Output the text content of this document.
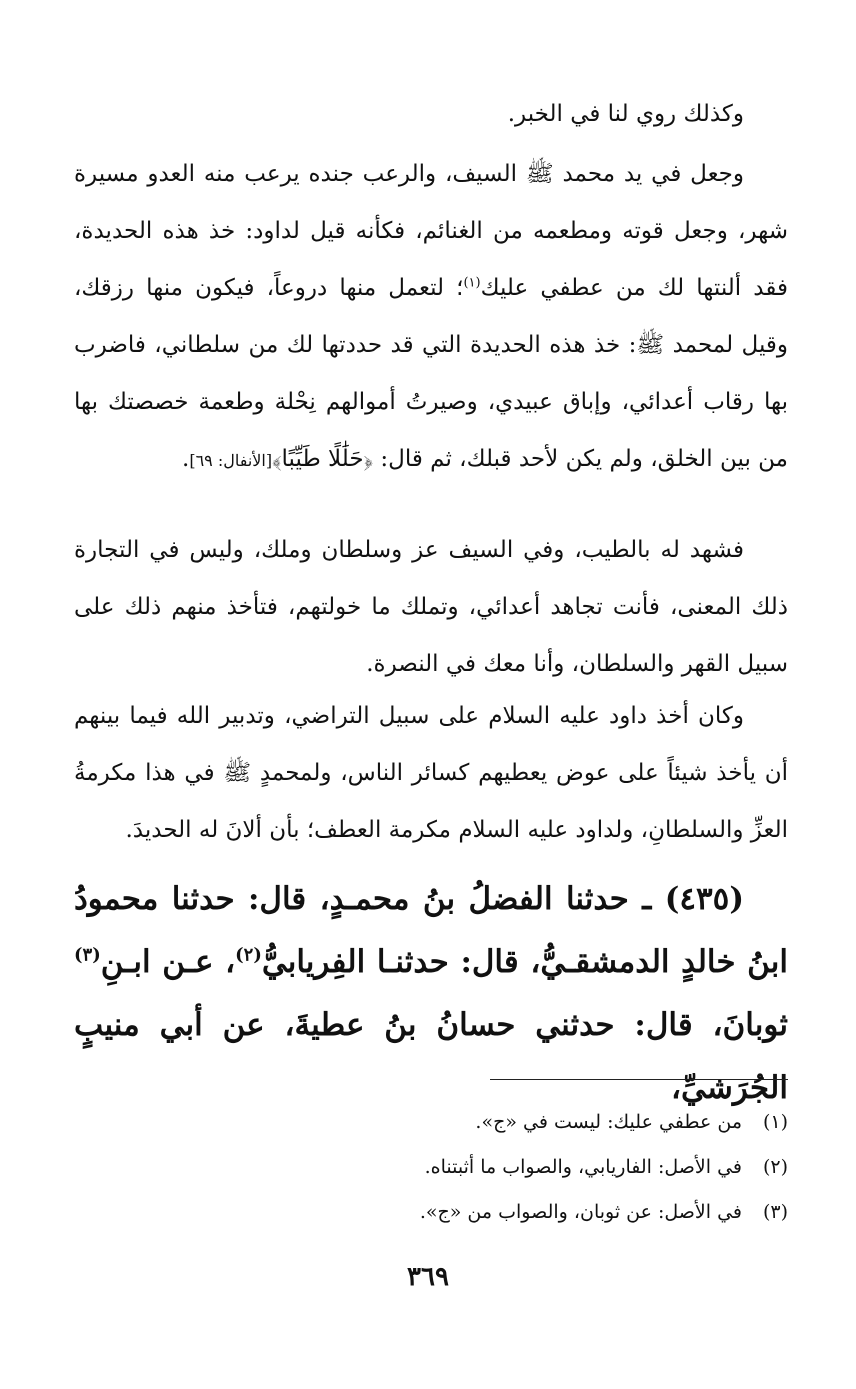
وكذلك روي لنا في الخبر.

وجعل في يد محمد ﷺ السيف، والرعب جنده يرعب منه العدو مسيرة شهر، وجعل قوته ومطعمه من الغنائم، فكأنه قيل لداود: خذ هذه الحديدة، فقد ألنتها لك من عطفي عليك$^{(١)}$؛ لتعمل منها دروعاً، فيكون منها رزقك، وقيل لمحمد ﷺ: خذ هذه الحديدة التي قد حددتها لك من سلطاني، فاضرب بها رقاب أعدائي، وإباق عبيدي، وصيرتُ أموالهم نِحْلة وطعمة خصصتك بها من بين الخلق، ولم يكن لأحد قبلك، ثم قال: ﴿حَلَٰلًا طَيِّبًا﴾[الأنفال: ٦٩].

فشهد له بالطيب، وفي السيف عز وسلطان وملك، وليس في التجارة ذلك المعنى، فأنت تجاهد أعدائي، وتملك ما خولتهم، فتأخذ منهم ذلك على سبيل القهر والسلطان، وأنا معك في النصرة.

وكان أخذ داود عليه السلام على سبيل التراضي، وتدبير الله فيما بينهم أن يأخذ شيئاً على عوض يعطيهم كسائر الناس، ولمحمدٍ ﷺ في هذا مكرمةُ العزِّ والسلطانِ، ولداود عليه السلام مكرمة العطف؛ بأن ألانَ له الحديدَ.

(٤٣٥) ـ حدثنا الفضلُ بنُ محمـدٍ، قال: حدثنا محمودُ ابنُ خالدٍ الدمشقـيُّ، قال: حدثنـا الفِريابيُّ$^{(٢)}$، عـن ابـنِ$^{(٣)}$ ثوبانَ، قال: حدثني حسانُ بنُ عطيةَ، عن أبي منيبٍ الجُرَشيِّ،

(١)من عطفي عليك: ليست في «ج».

(٢)في الأصل: الفاريابي، والصواب ما أثبتناه.

(٣)في الأصل: عن ثوبان، والصواب من «ج».

٣٦٩
